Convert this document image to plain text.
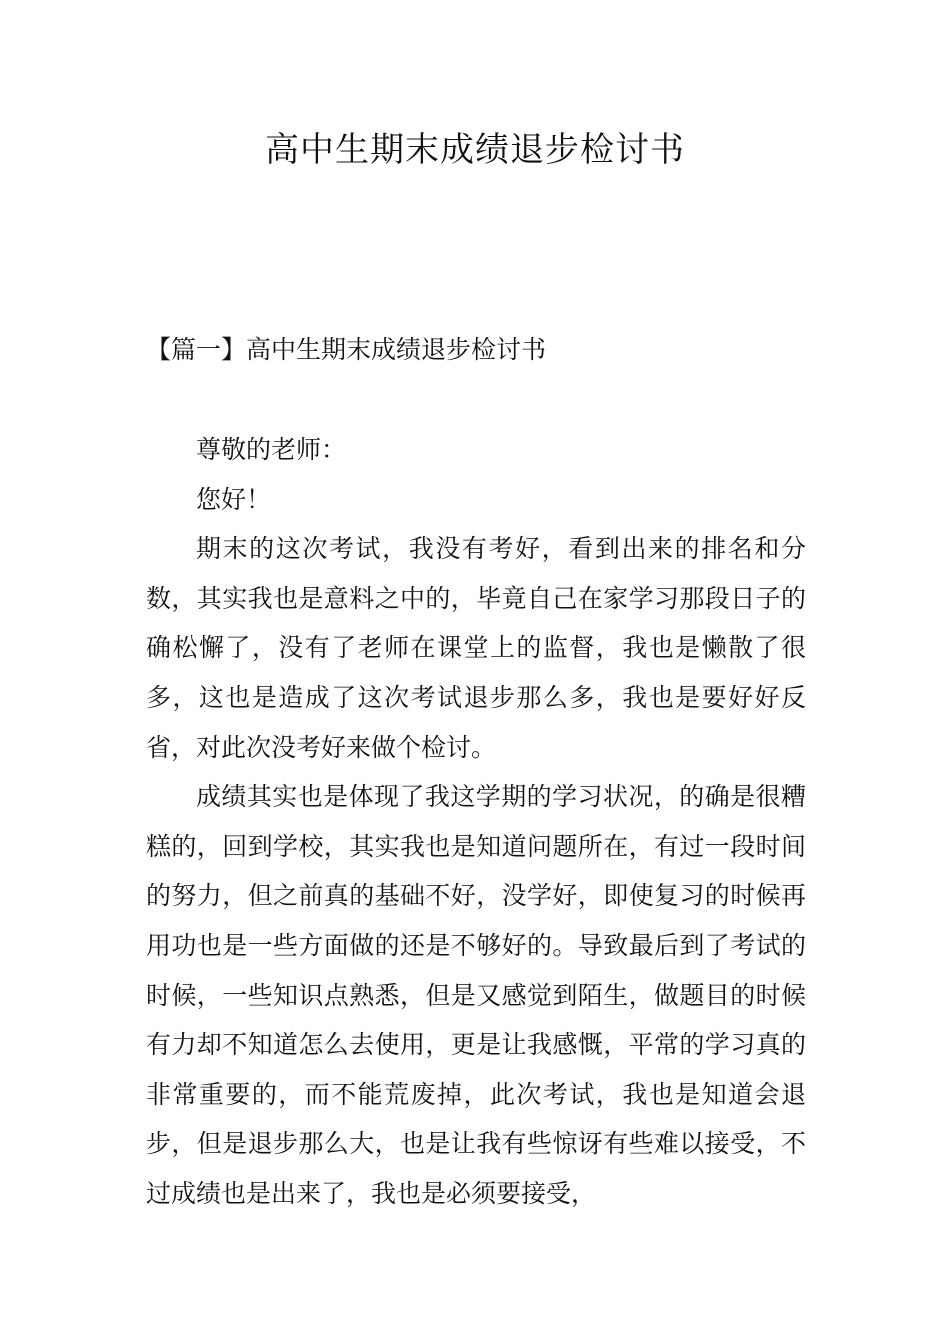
高中生期末成绩退步检讨书
【篇一】高中生期末成绩退步检讨书

尊敬的老师：

您好！

期末的这次考试，我没有考好，看到出来的排名和分数，其实我也是意料之中的，毕竟自己在家学习那段日子的确松懈了，没有了老师在课堂上的监督，我也是懒散了很多，这也是造成了这次考试退步那么多，我也是要好好反省，对此次没考好来做个检讨。

成绩其实也是体现了我这学期的学习状况，的确是很糟糕的，回到学校，其实我也是知道问题所在，有过一段时间的努力，但之前真的基础不好，没学好，即使复习的时候再用功也是一些方面做的还是不够好的。导致最后到了考试的时候，一些知识点熟悉，但是又感觉到陌生，做题目的时候有力却不知道怎么去使用，更是让我感慨，平常的学习真的非常重要的，而不能荒废掉，此次考试，我也是知道会退步，但是退步那么大，也是让我有些惊讶有些难以接受，不过成绩也是出来了，我也是必须要接受，
